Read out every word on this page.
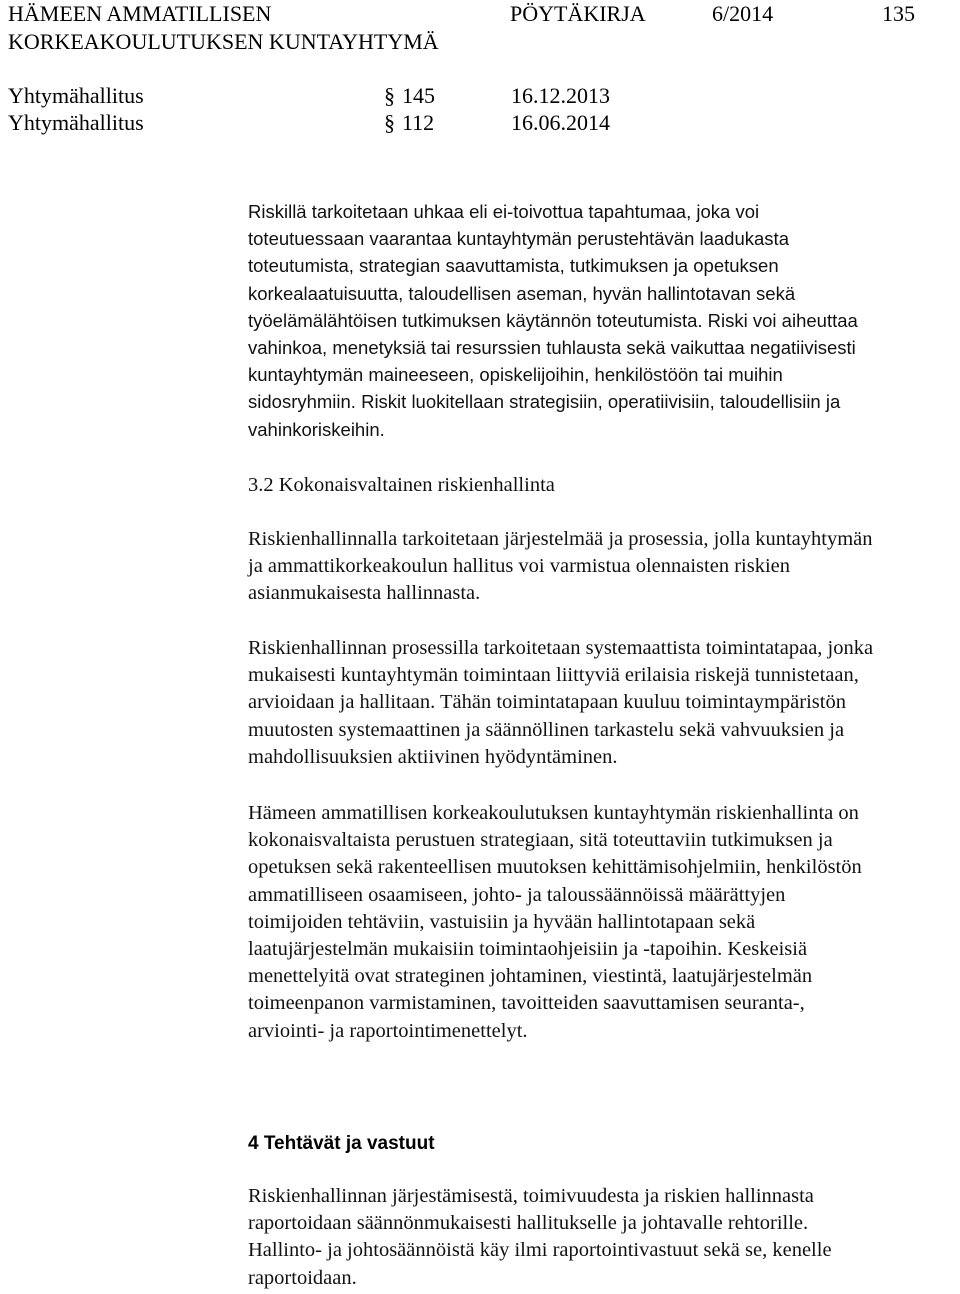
HÄMEEN AMMATILLISEN
KORKEAKOULUTUKSEN KUNTAYHTYMÄ
PÖYTÄKIRJA	6/2014	135
Yhtymähallitus	§ 145	16.12.2013
Yhtymähallitus	§ 112	16.06.2014
Riskillä tarkoitetaan uhkaa eli ei-toivottua tapahtumaa, joka voi
toteutuessaan vaarantaa kuntayhtymän perustehtävän laadukasta
toteutumista, strategian saavuttamista, tutkimuksen ja opetuksen
korkealaatuisuutta, taloudellisen aseman, hyvän hallintotavan sekä
työelämälähtöisen tutkimuksen käytännön toteutumista. Riski voi aiheuttaa
vahinkoa, menetyksiä tai resurssien tuhlausta sekä vaikuttaa negatiivisesti
kuntayhtymän maineeseen, opiskelijoihin, henkilöstöön tai muihin
sidosryhmiin. Riskit luokitellaan strategisiin, operatiivisiin, taloudellisiin ja
vahinkoriskeihin.
3.2 Kokonaisvaltainen riskienhallinta
Riskienhallinnalla tarkoitetaan järjestelmää ja prosessia, jolla kuntayhtymän
ja ammattikorkeakoulun hallitus voi varmistua olennaisten riskien
asianmukaisesta hallinnasta.
Riskienhallinnan prosessilla tarkoitetaan systemaattista toimintatapaa, jonka
mukaisesti kuntayhtymän toimintaan liittyviä erilaisia riskejä tunnistetaan,
arvioidaan ja hallitaan. Tähän toimintatapaan kuuluu toimintaympäristön
muutosten systemaattinen ja säännöllinen tarkastelu sekä vahvuuksien ja
mahdollisuuksien aktiivinen hyödyntäminen.
Hämeen ammatillisen korkeakoulutuksen kuntayhtymän riskienhallinta on
kokonaisvaltaista perustuen strategiaan, sitä toteuttaviin tutkimuksen ja
opetuksen sekä rakenteellisen muutoksen kehittämisohjelmiin, henkilöstön
ammatilliseen osaamiseen, johto- ja taloussäännöissä määrättyjen
toimijoiden tehtäviin, vastuisiin ja hyvään hallintotapaan sekä
laatujärjestelmän mukaisiin toimintaohjeisiin ja -tapoihin. Keskeisiä
menettelyitä ovat strateginen johtaminen, viestintä, laatujärjestelmän
toimeenpanon varmistaminen, tavoitteiden saavuttamisen seuranta-,
arviointi- ja raportointimenettelyt.
4 Tehtävät ja vastuut
Riskienhallinnan järjestämisestä, toimivuudesta ja riskien hallinnasta
raportoidaan säännönmukaisesti hallitukselle ja johtavalle rehtorille.
Hallinto- ja johtosäännöistä käy ilmi raportointivastuut sekä se, kenelle
raportoidaan.
